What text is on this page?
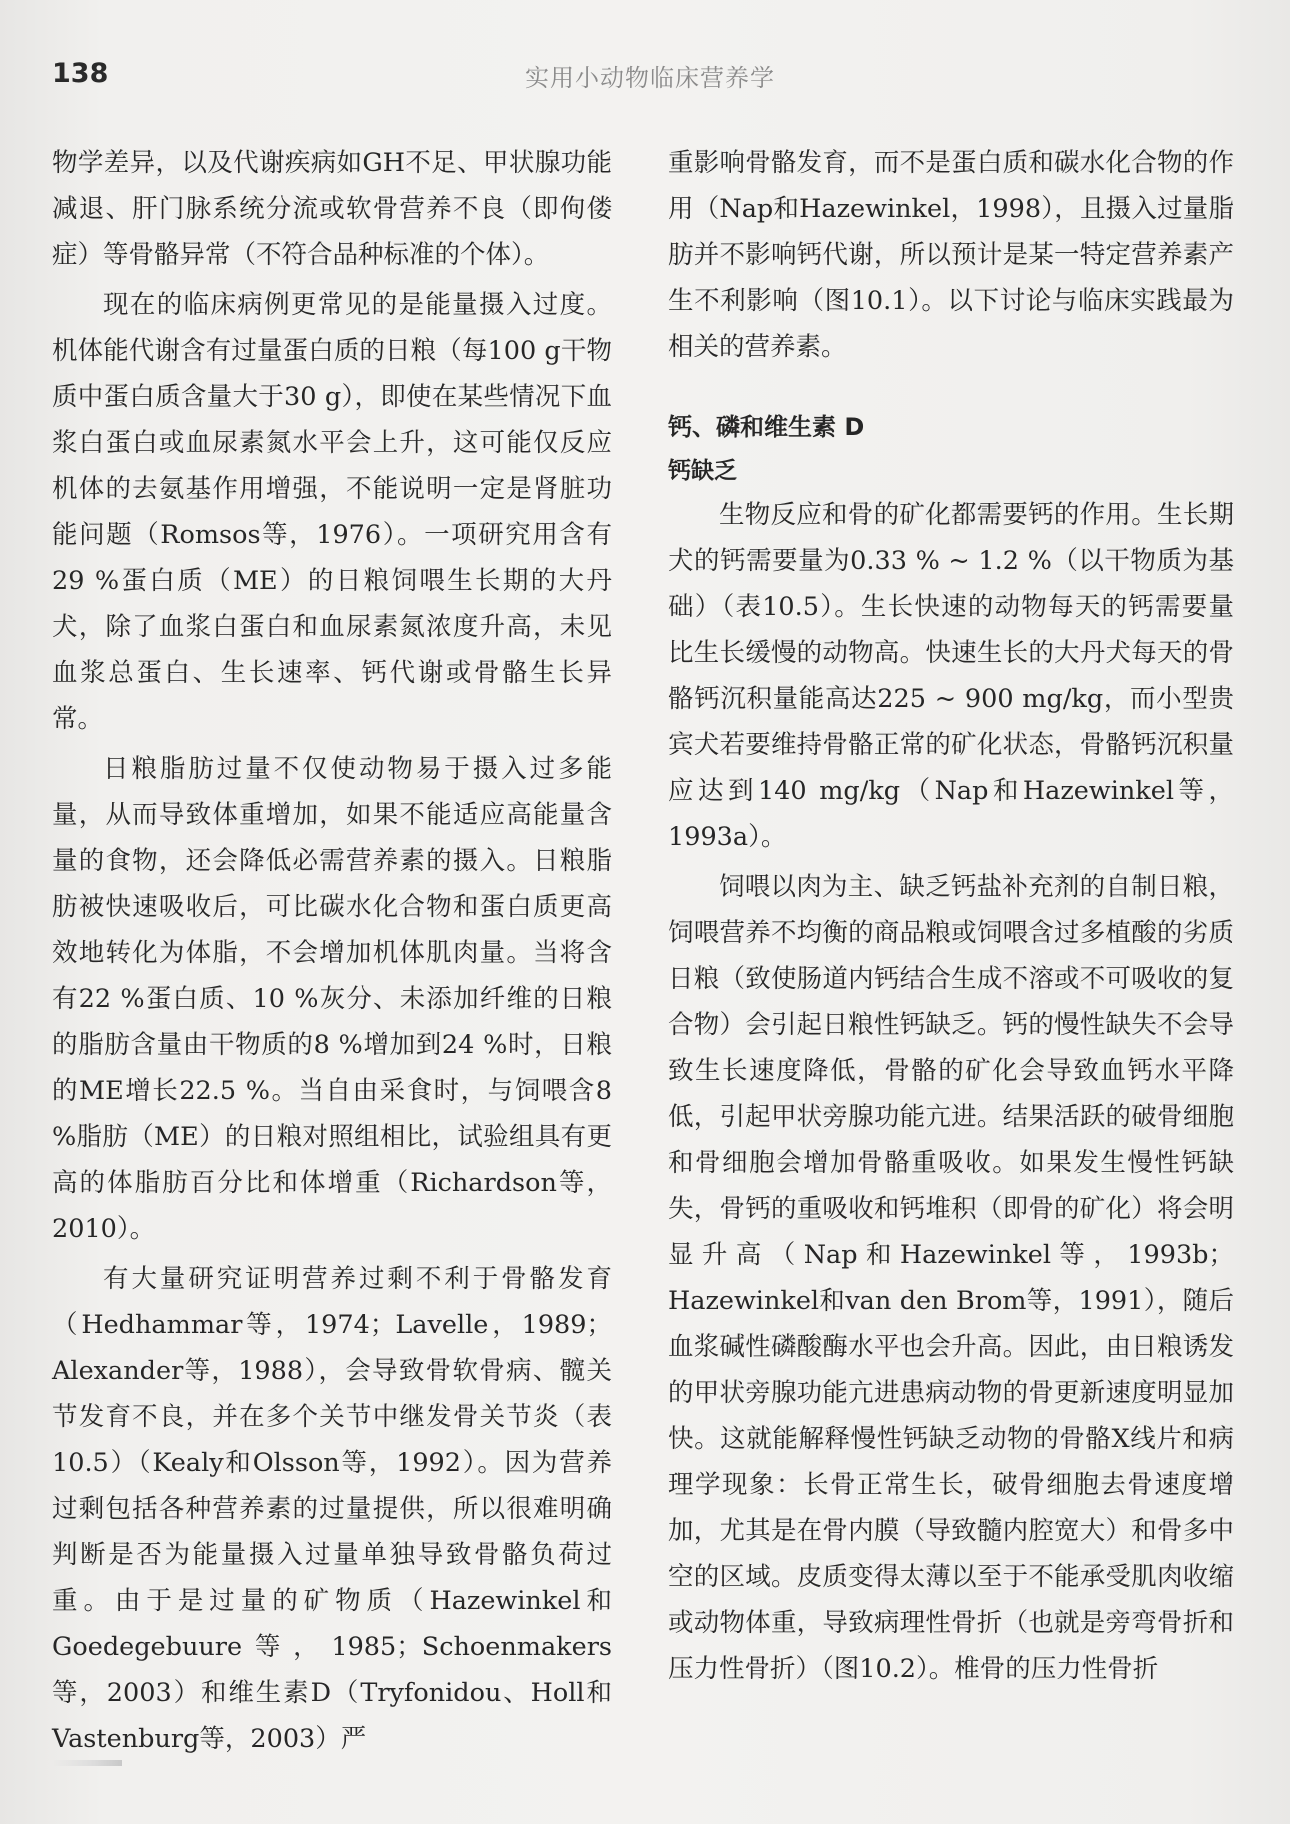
138	实用小动物临床营养学

物学差异，以及代谢疾病如GH不足、甲状腺功能减退、肝门脉系统分流或软骨营养不良（即佝偻症）等骨骼异常（不符合品种标准的个体）。

现在的临床病例更常见的是能量摄入过度。机体能代谢含有过量蛋白质的日粮（每100 g干物质中蛋白质含量大于30 g），即使在某些情况下血浆白蛋白或血尿素氮水平会上升，这可能仅反应机体的去氨基作用增强，不能说明一定是肾脏功能问题（Romsos等，1976）。一项研究用含有29 %蛋白质（ME）的日粮饲喂生长期的大丹犬，除了血浆白蛋白和血尿素氮浓度升高，未见血浆总蛋白、生长速率、钙代谢或骨骼生长异常。

日粮脂肪过量不仅使动物易于摄入过多能量，从而导致体重增加，如果不能适应高能量含量的食物，还会降低必需营养素的摄入。日粮脂肪被快速吸收后，可比碳水化合物和蛋白质更高效地转化为体脂，不会增加机体肌肉量。当将含有22 %蛋白质、10 %灰分、未添加纤维的日粮的脂肪含量由干物质的8 %增加到24 %时，日粮的ME增长22.5 %。当自由采食时，与饲喂含8 %脂肪（ME）的日粮对照组相比，试验组具有更高的体脂肪百分比和体增重（Richardson等，2010）。

有大量研究证明营养过剩不利于骨骼发育（Hedhammar等，1974；Lavelle，1989；Alexander等，1988），会导致骨软骨病、髋关节发育不良，并在多个关节中继发骨关节炎（表10.5）（Kealy和Olsson等，1992）。因为营养过剩包括各种营养素的过量提供，所以很难明确判断是否为能量摄入过量单独导致骨骼负荷过重。由于是过量的矿物质（Hazewinkel和Goedegebuure等，1985；Schoenmakers等，2003）和维生素D（Tryfonidou、Holl和Vastenburg等，2003）严

重影响骨骼发育，而不是蛋白质和碳水化合物的作用（Nap和Hazewinkel，1998），且摄入过量脂肪并不影响钙代谢，所以预计是某一特定营养素产生不利影响（图10.1）。以下讨论与临床实践最为相关的营养素。

钙、磷和维生素 D
钙缺乏

生物反应和骨的矿化都需要钙的作用。生长期犬的钙需要量为0.33 % ~ 1.2 %（以干物质为基础）（表10.5）。生长快速的动物每天的钙需要量比生长缓慢的动物高。快速生长的大丹犬每天的骨骼钙沉积量能高达225 ~ 900 mg/kg，而小型贵宾犬若要维持骨骼正常的矿化状态，骨骼钙沉积量应达到140 mg/kg（Nap和Hazewinkel等，1993a）。

饲喂以肉为主、缺乏钙盐补充剂的自制日粮，饲喂营养不均衡的商品粮或饲喂含过多植酸的劣质日粮（致使肠道内钙结合生成不溶或不可吸收的复合物）会引起日粮性钙缺乏。钙的慢性缺失不会导致生长速度降低，骨骼的矿化会导致血钙水平降低，引起甲状旁腺功能亢进。结果活跃的破骨细胞和骨细胞会增加骨骼重吸收。如果发生慢性钙缺失，骨钙的重吸收和钙堆积（即骨的矿化）将会明显升高（Nap和Hazewinkel等，1993b；Hazewinkel和van den Brom等，1991），随后血浆碱性磷酸酶水平也会升高。因此，由日粮诱发的甲状旁腺功能亢进患病动物的骨更新速度明显加快。这就能解释慢性钙缺乏动物的骨骼X线片和病理学现象：长骨正常生长，破骨细胞去骨速度增加，尤其是在骨内膜（导致髓内腔宽大）和骨多中空的区域。皮质变得太薄以至于不能承受肌肉收缩或动物体重，导致病理性骨折（也就是旁弯骨折和压力性骨折）（图10.2）。椎骨的压力性骨折
